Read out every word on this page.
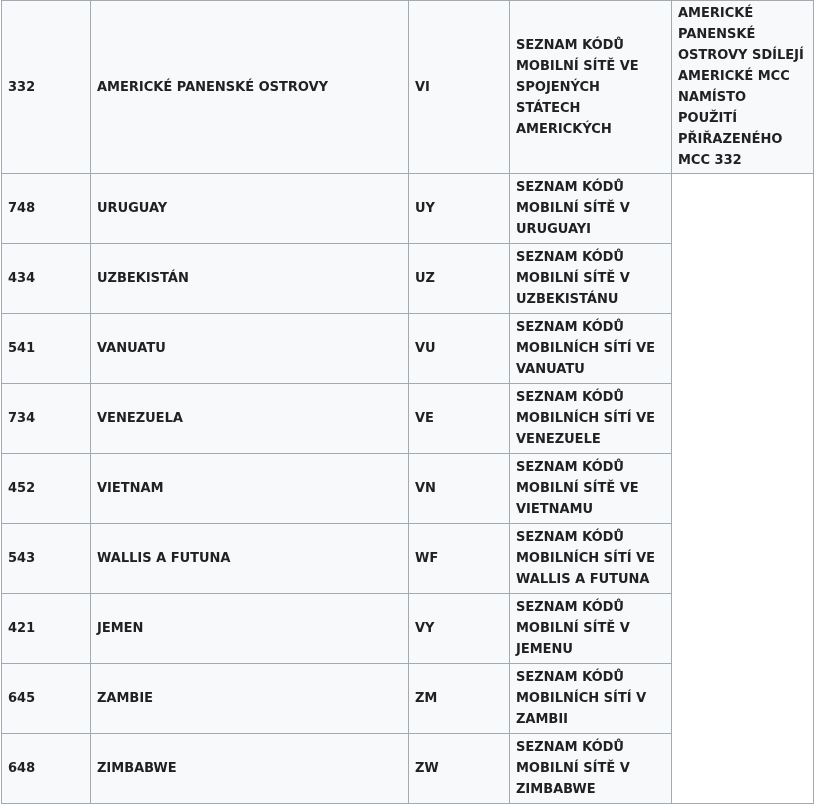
332	AMERICKÉ PANENSKÉ OSTROVY	VI	SEZNAM KÓDŮ MOBILNÍ SÍTĚ VE SPOJENÝCH STÁTECH AMERICKÝCH	AMERICKÉ PANENSKÉ OSTROVY SDÍLEJÍ AMERICKÉ MCC NAMÍSTO POUŽITÍ PŘIŘAZENÉHO MCC 332
748	URUGUAY	UY	SEZNAM KÓDŮ MOBILNÍ SÍTĚ V URUGUAYI	
434	UZBEKISTÁN	UZ	SEZNAM KÓDŮ MOBILNÍ SÍTĚ V UZBEKISTÁNU	
541	VANUATU	VU	SEZNAM KÓDŮ MOBILNÍCH SÍTÍ VE VANUATU	
734	VENEZUELA	VE	SEZNAM KÓDŮ MOBILNÍCH SÍTÍ VE VENEZUELE	
452	VIETNAM	VN	SEZNAM KÓDŮ MOBILNÍ SÍTĚ VE VIETNAMU	
543	WALLIS A FUTUNA	WF	SEZNAM KÓDŮ MOBILNÍCH SÍTÍ VE WALLIS A FUTUNA	
421	JEMEN	VY	SEZNAM KÓDŮ MOBILNÍ SÍTĚ V JEMENU	
645	ZAMBIE	ZM	SEZNAM KÓDŮ MOBILNÍCH SÍTÍ V ZAMBII	
648	ZIMBABWE	ZW	SEZNAM KÓDŮ MOBILNÍ SÍTĚ V ZIMBABWE	
